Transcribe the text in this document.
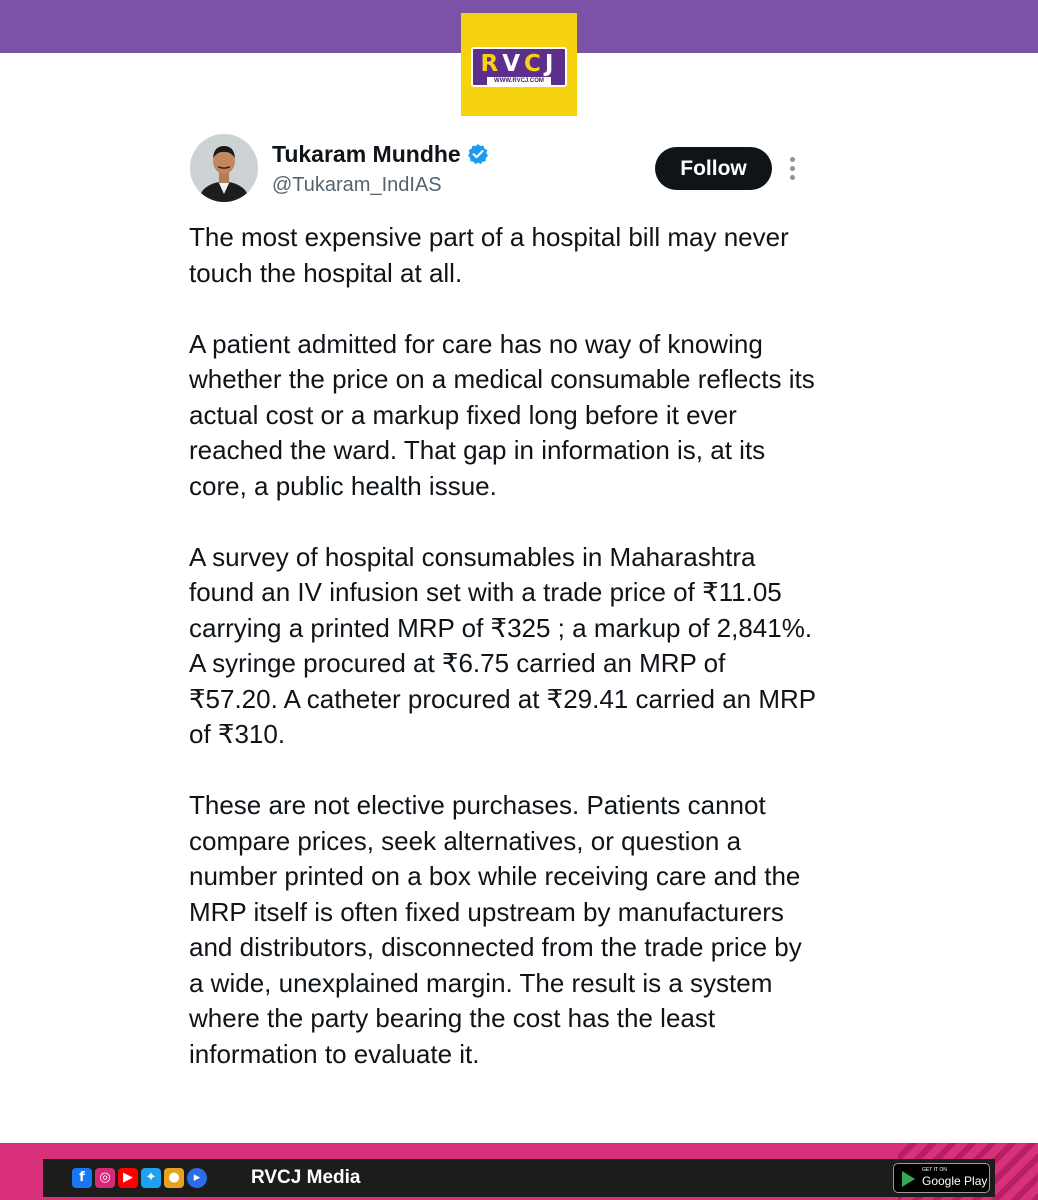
RVCJ
WWW.RVCJ.COM
Tukaram Mundhe
@Tukaram_IndIAS
Follow

The most expensive part of a hospital bill may never touch the hospital at all.

A patient admitted for care has no way of knowing whether the price on a medical consumable reflects its actual cost or a markup fixed long before it ever reached the ward. That gap in information is, at its core, a public health issue.

A survey of hospital consumables in Maharashtra found an IV infusion set with a trade price of ₹11.05 carrying a printed MRP of ₹325 ; a markup of 2,841%. A syringe procured at ₹6.75 carried an MRP of ₹57.20. A catheter procured at ₹29.41 carried an MRP of ₹310.

These are not elective purchases. Patients cannot compare prices, seek alternatives, or question a number printed on a box while receiving care and the MRP itself is often fixed upstream by manufacturers and distributors, disconnected from the trade price by a wide, unexplained margin. The result is a system where the party bearing the cost has the least information to evaluate it.

f	◎ ▶ ✦ ●	▸	RVCJ Media	GET IT ON
Google Play
